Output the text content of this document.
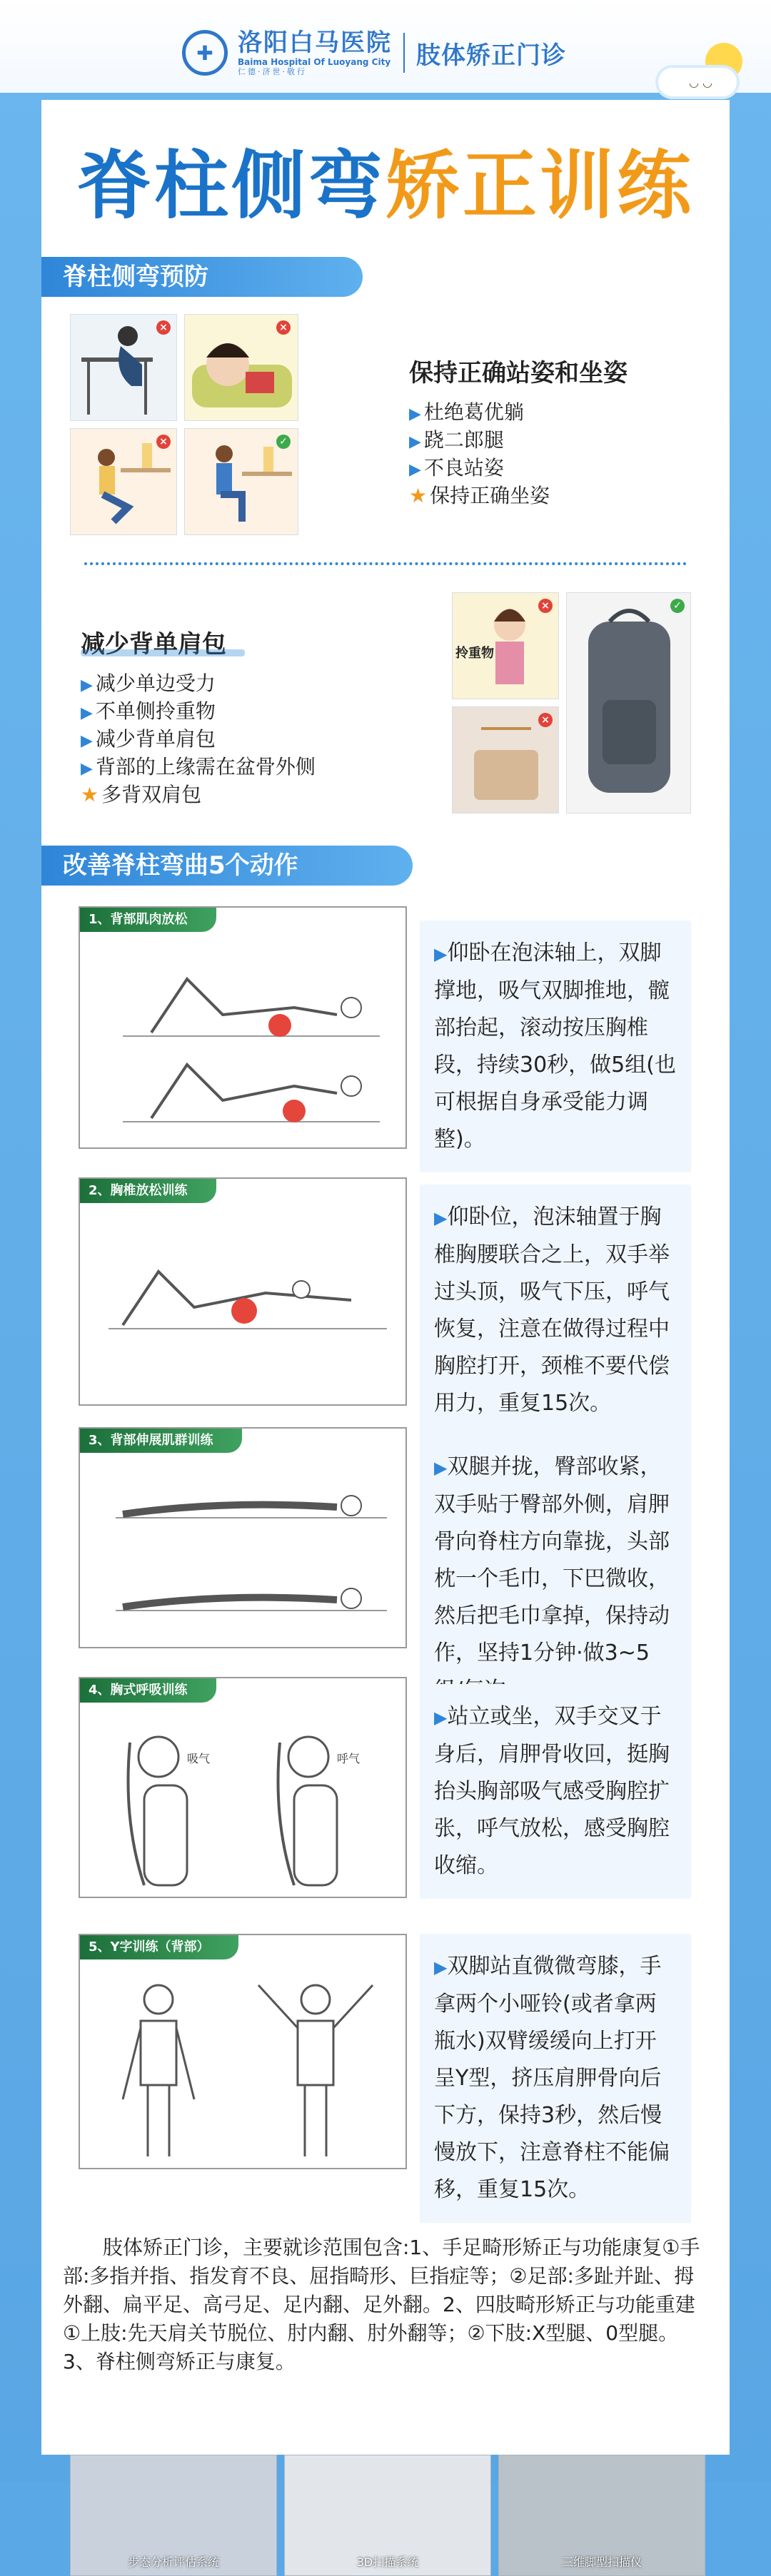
✚	洛阳白马医院
Baima Hospital Of Luoyang City
仁德·济世·敬行
肢体矫正门诊
◡ ◡
脊柱侧弯矫正训练
脊柱侧弯预防
×	×
×	✓
保持正确站姿和坐姿
▶ 杜绝葛优躺
▶ 跷二郎腿
▶ 不良站姿
★ 保持正确坐姿
减少背单肩包
▶ 减少单边受力
▶ 不单侧拎重物
▶ 减少背单肩包
▶ 背部的上缘需在盆骨外侧
★ 多背双肩包
拎重物
×
×
✓
改善脊柱弯曲5个动作
1、背部肌肉放松
▶仰卧在泡沫轴上，双脚撑地，吸气双脚推地，髋部抬起，滚动按压胸椎段，持续30秒，做5组(也可根据自身承受能力调整)。
2、胸椎放松训练
▶仰卧位，泡沫轴置于胸椎胸腰联合之上，双手举过头顶，吸气下压，呼气恢复，注意在做得过程中胸腔打开，颈椎不要代偿用力，重复15次。
3、背部伸展肌群训练
▶双腿并拢，臀部收紧，双手贴于臀部外侧，肩胛骨向脊柱方向靠拢，头部枕一个毛巾，下巴微收，然后把毛巾拿掉，保持动作，坚持1分钟·做3~5
4、胸式呼吸训练
吸气	呼气
▶站立或坐，双手交叉于身后，肩胛骨收回，挺胸抬头胸部吸气感受胸腔扩张，呼气放松，感受胸腔收缩。
5、Y字训练（背部）
▶双脚站直微微弯膝，手拿两个小哑铃(或者拿两瓶水)双臂缓缓向上打开呈Y型，挤压肩胛骨向后下方，保持3秒，然后慢慢放下，注意脊柱不能偏移，重复15次。
肢体矫正门诊，主要就诊范围包含:1、手足畸形矫正与功能康复①手部:多指并指、指发育不良、屈指畸形、巨指症等；②足部:多趾并趾、拇外翻、扁平足、高弓足、足内翻、足外翻。2、四肢畸形矫正与功能重建①上肢:先天肩关节脱位、肘内翻、肘外翻等；②下肢:X型腿、0型腿。3、脊柱侧弯矫正与康复。
步态分析评估系统	3D扫描系统	三维脚型扫描仪
